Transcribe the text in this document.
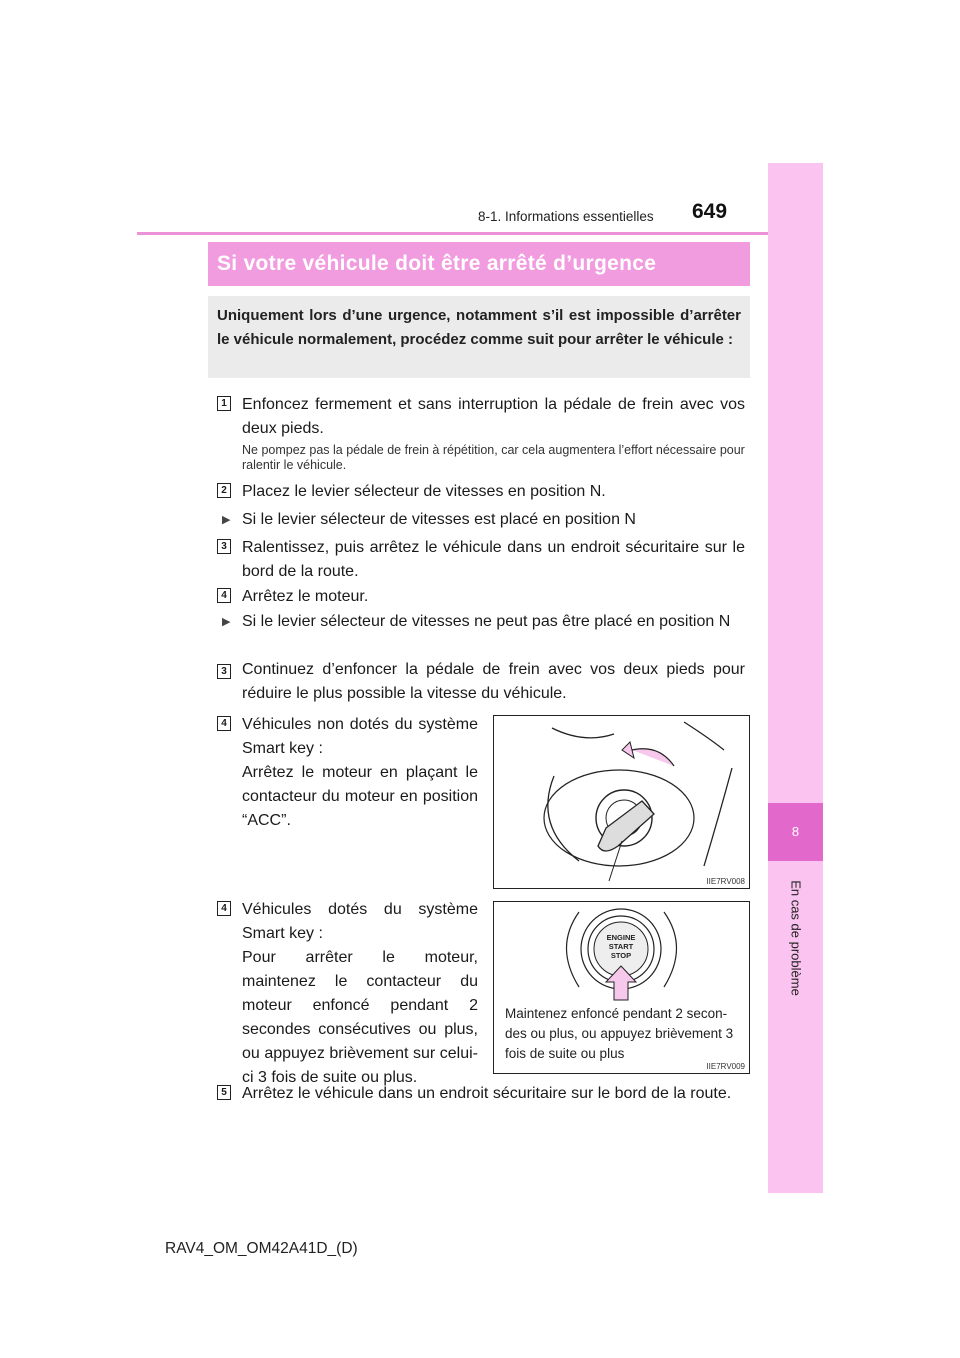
8-1. Informations essentielles 649
8
En cas de problème
Si votre véhicule doit être arrêté d’urgence
Uniquement lors d’une urgence, notamment s’il est impossible d’arrêter le véhicule normalement, procédez comme suit pour arrêter le véhicule :
1 Enfoncez fermement et sans interruption la pédale de frein avec vos deux pieds.
Ne pompez pas la pédale de frein à répétition, car cela augmentera l’effort nécessaire pour ralentir le véhicule.
2 Placez le levier sélecteur de vitesses en position N.
▶ Si le levier sélecteur de vitesses est placé en position N
3 Ralentissez, puis arrêtez le véhicule dans un endroit sécuritaire sur le bord de la route.
4 Arrêtez le moteur.
▶ Si le levier sélecteur de vitesses ne peut pas être placé en position N
3 Continuez d’enfoncer la pédale de frein avec vos deux pieds pour réduire le plus possible la vitesse du véhicule.
4 Véhicules non dotés du système Smart key :
Arrêtez le moteur en plaçant le contacteur du moteur en position “ACC”.
IIE7RV008
4 Véhicules dotés du système Smart key :
Pour arrêter le moteur, maintenez le contacteur du moteur enfoncé pendant 2 secondes consécutives ou plus, ou appuyez brièvement sur celui-ci 3 fois de suite ou plus.
ENGINE
START
STOP
Maintenez enfoncé pendant 2 secon-des ou plus, ou appuyez brièvement 3 fois de suite ou plus
IIE7RV009
5 Arrêtez le véhicule dans un endroit sécuritaire sur le bord de la route.
RAV4_OM_OM42A41D_(D)
